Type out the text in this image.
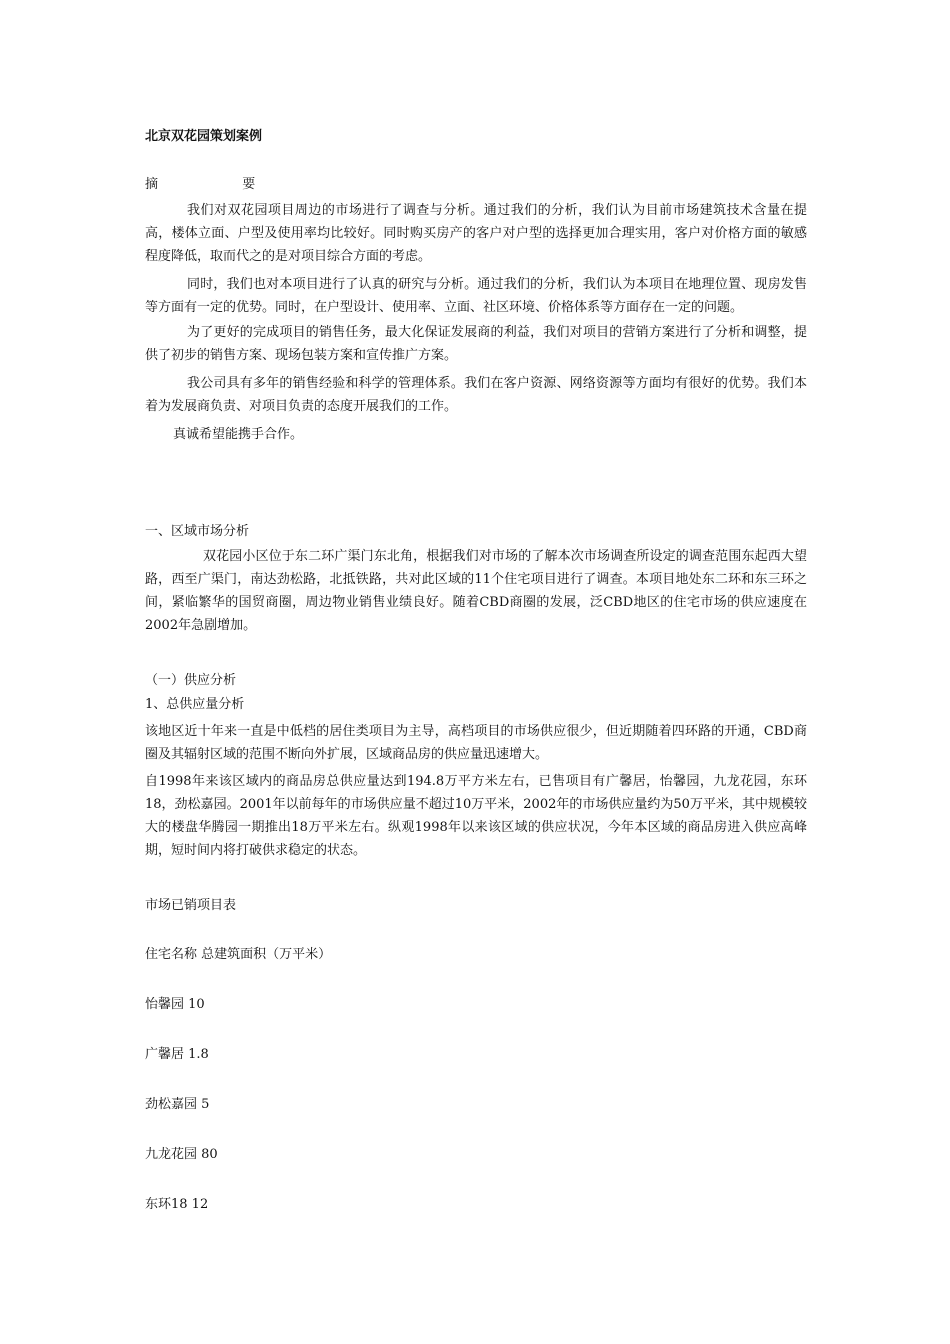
北京双花园策划案例
摘	要
我们对双花园项目周边的市场进行了调查与分析。通过我们的分析，我们认为目前市场建筑技术含量在提高，楼体立面、户型及使用率均比较好。同时购买房产的客户对户型的选择更加合理实用，客户对价格方面的敏感程度降低，取而代之的是对项目综合方面的考虑。
同时，我们也对本项目进行了认真的研究与分析。通过我们的分析，我们认为本项目在地理位置、现房发售等方面有一定的优势。同时，在户型设计、使用率、立面、社区环境、价格体系等方面存在一定的问题。
为了更好的完成项目的销售任务，最大化保证发展商的利益，我们对项目的营销方案进行了分析和调整，提供了初步的销售方案、现场包装方案和宣传推广方案。
我公司具有多年的销售经验和科学的管理体系。我们在客户资源、网络资源等方面均有很好的优势。我们本着为发展商负责、对项目负责的态度开展我们的工作。
真诚希望能携手合作。
一、区域市场分析
双花园小区位于东二环广渠门东北角，根据我们对市场的了解本次市场调查所设定的调查范围东起西大望路，西至广渠门，南达劲松路，北抵铁路，共对此区域的11个住宅项目进行了调查。本项目地处东二环和东三环之间，紧临繁华的国贸商圈，周边物业销售业绩良好。随着CBD商圈的发展，泛CBD地区的住宅市场的供应速度在2002年急剧增加。
（一）供应分析
1、总供应量分析
该地区近十年来一直是中低档的居住类项目为主导，高档项目的市场供应很少，但近期随着四环路的开通，CBD商圈及其辐射区域的范围不断向外扩展，区域商品房的供应量迅速增大。
自1998年来该区域内的商品房总供应量达到194.8万平方米左右，已售项目有广馨居，怡馨园，九龙花园，东环18，劲松嘉园。2001年以前每年的市场供应量不超过10万平米，2002年的市场供应量约为50万平米，其中规模较大的楼盘华腾园一期推出18万平米左右。纵观1998年以来该区域的供应状况，今年本区域的商品房进入供应高峰期，短时间内将打破供求稳定的状态。
市场已销项目表
住宅名称 总建筑面积（万平米）
怡馨园 10
广馨居 1.8
劲松嘉园 5
九龙花园 80
东环18 12
